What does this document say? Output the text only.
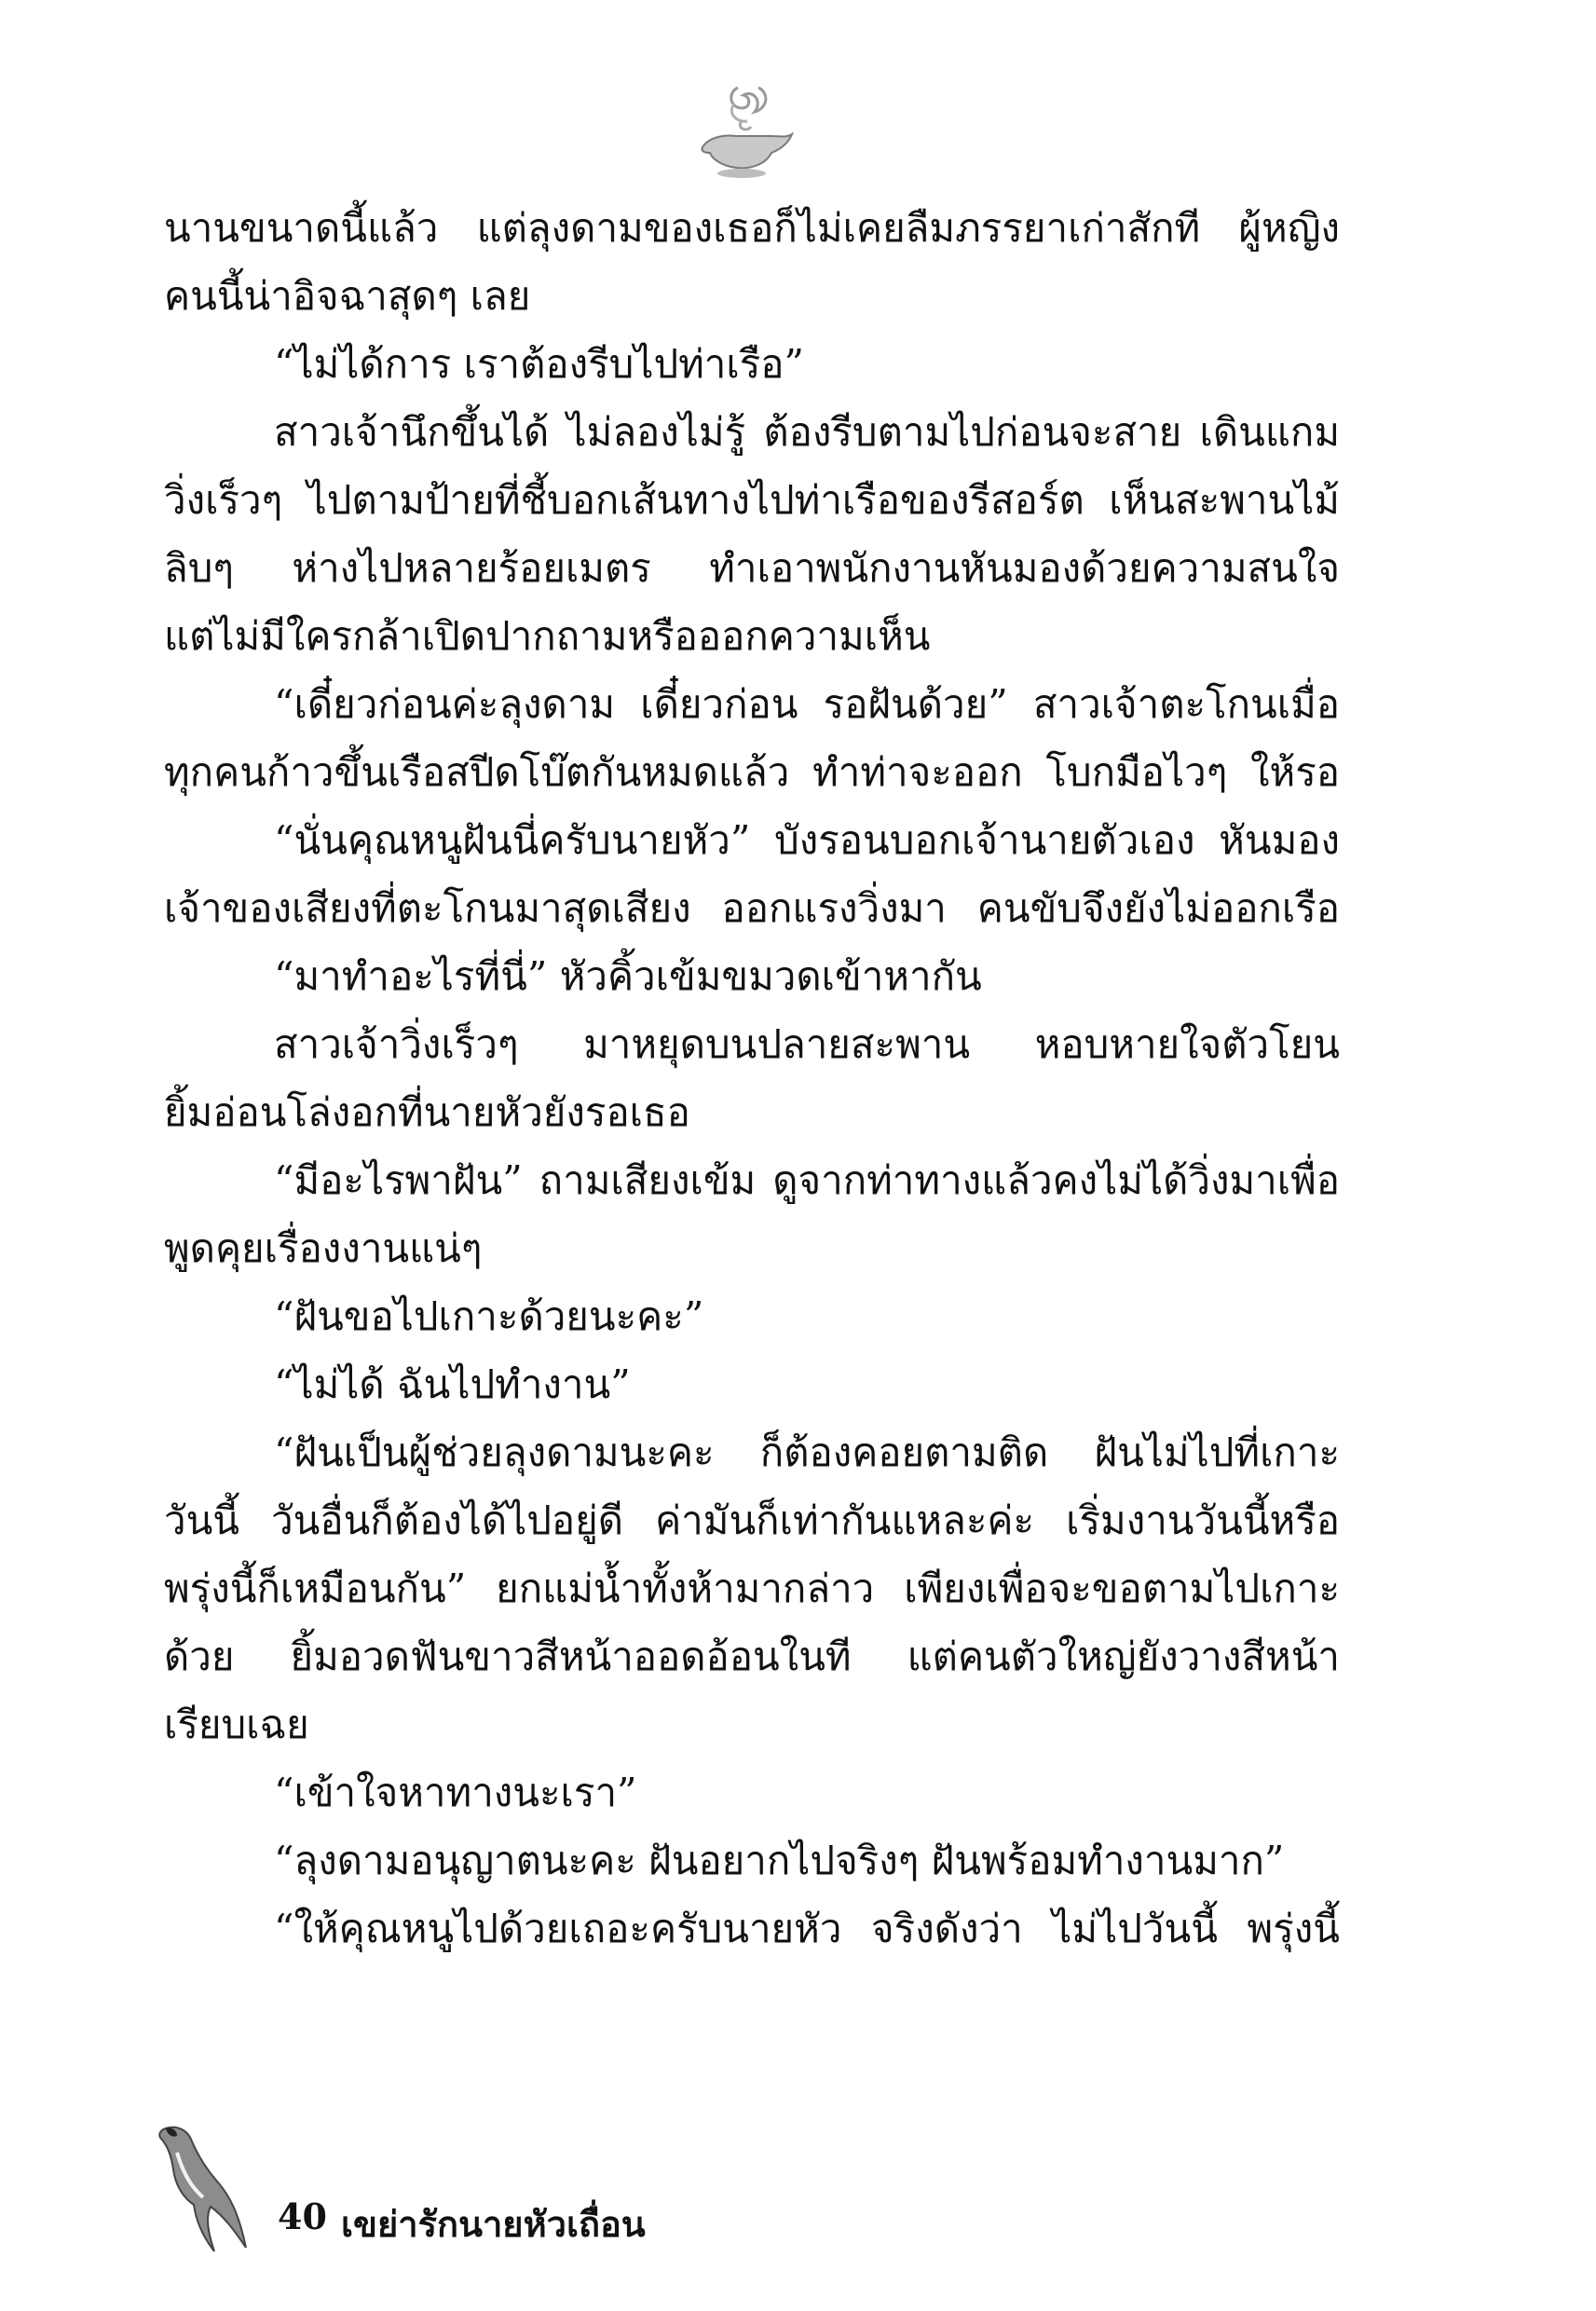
นานขนาดนี้แล้ว แต่ลุงดามของเธอก็ไม่เคยลืมภรรยาเก่าสักที ผู้หญิง
คนนี้น่าอิจฉาสุดๆ เลย
“ไม่ได้การ เราต้องรีบไปท่าเรือ”
สาวเจ้านึกขึ้นได้ ไม่ลองไม่รู้ ต้องรีบตามไปก่อนจะสาย เดินแกม
วิ่งเร็วๆ ไปตามป้ายที่ชี้บอกเส้นทางไปท่าเรือของรีสอร์ต เห็นสะพานไม้
ลิบๆ ห่างไปหลายร้อยเมตร ทำเอาพนักงานหันมองด้วยความสนใจ
แต่ไม่มีใครกล้าเปิดปากถามหรือออกความเห็น
“เดี๋ยวก่อนค่ะลุงดาม เดี๋ยวก่อน รอฝันด้วย” สาวเจ้าตะโกนเมื่อ
ทุกคนก้าวขึ้นเรือสปีดโบ๊ตกันหมดแล้ว ทำท่าจะออก โบกมือไวๆ ให้รอ
“นั่นคุณหนูฝันนี่ครับนายหัว” บังรอนบอกเจ้านายตัวเอง หันมอง
เจ้าของเสียงที่ตะโกนมาสุดเสียง ออกแรงวิ่งมา คนขับจึงยังไม่ออกเรือ
“มาทำอะไรที่นี่” หัวคิ้วเข้มขมวดเข้าหากัน
สาวเจ้าวิ่งเร็วๆ มาหยุดบนปลายสะพาน หอบหายใจตัวโยน
ยิ้มอ่อนโล่งอกที่นายหัวยังรอเธอ
“มีอะไรพาฝัน” ถามเสียงเข้ม ดูจากท่าทางแล้วคงไม่ได้วิ่งมาเพื่อ
พูดคุยเรื่องงานแน่ๆ
“ฝันขอไปเกาะด้วยนะคะ”
“ไม่ได้ ฉันไปทำงาน”
“ฝันเป็นผู้ช่วยลุงดามนะคะ ก็ต้องคอยตามติด ฝันไม่ไปที่เกาะ
วันนี้ วันอื่นก็ต้องได้ไปอยู่ดี ค่ามันก็เท่ากันแหละค่ะ เริ่มงานวันนี้หรือ
พรุ่งนี้ก็เหมือนกัน” ยกแม่น้ำทั้งห้ามากล่าว เพียงเพื่อจะขอตามไปเกาะ
ด้วย ยิ้มอวดฟันขาวสีหน้าออดอ้อนในที แต่คนตัวใหญ่ยังวางสีหน้า
เรียบเฉย
“เข้าใจหาทางนะเรา”
“ลุงดามอนุญาตนะคะ ฝันอยากไปจริงๆ ฝันพร้อมทำงานมาก”
“ให้คุณหนูไปด้วยเถอะครับนายหัว จริงดังว่า ไม่ไปวันนี้ พรุ่งนี้
40 เขย่ารักนายหัวเถื่อน
